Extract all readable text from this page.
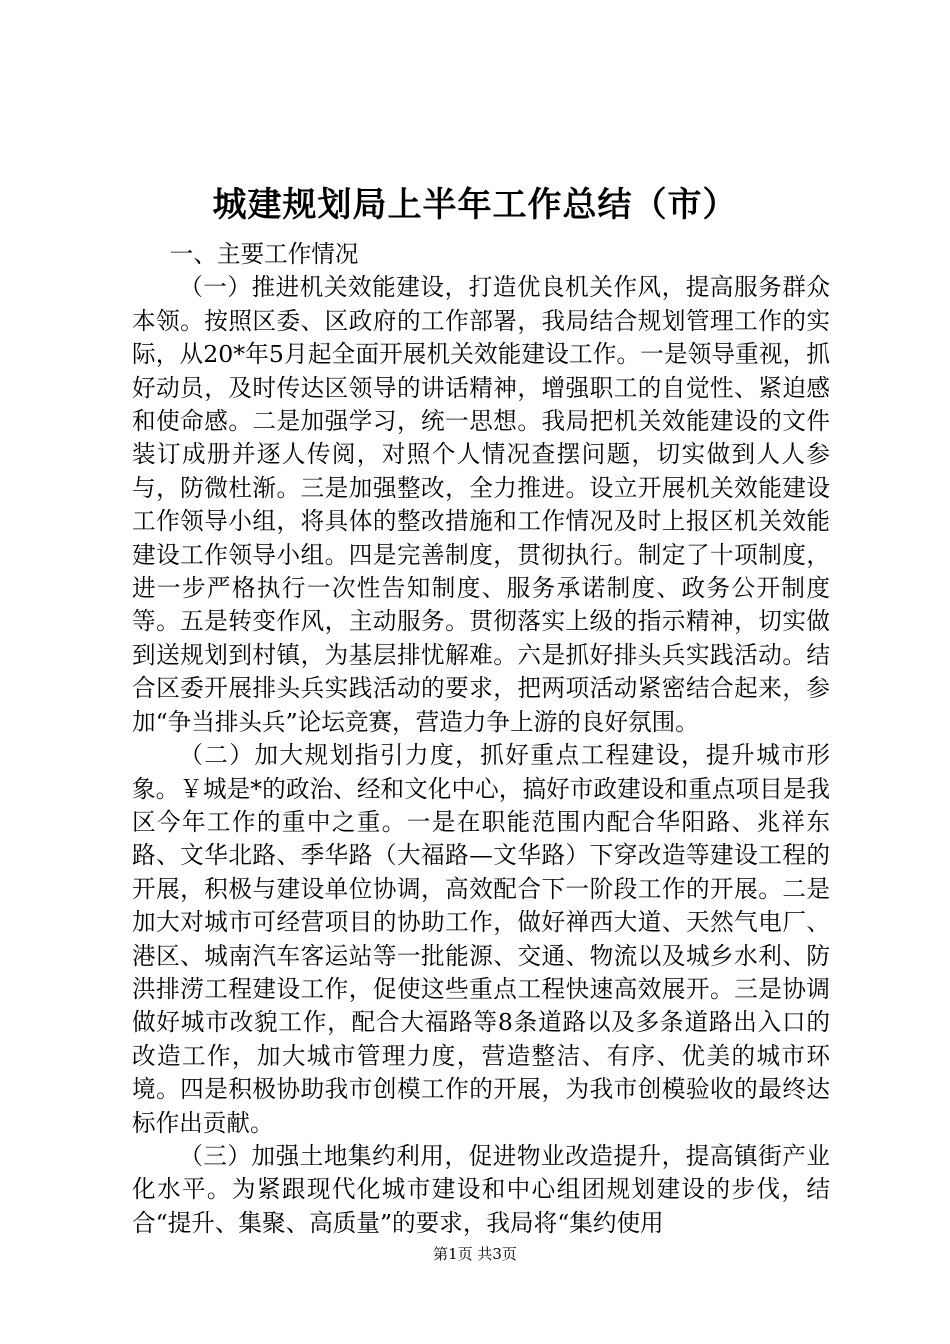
城建规划局上半年工作总结（市）

一、主要工作情况

（一）推进机关效能建设，打造优良机关作风，提高服务群众本领。按照区委、区政府的工作部署，我局结合规划管理工作的实际，从20*年5月起全面开展机关效能建设工作。一是领导重视，抓好动员，及时传达区领导的讲话精神，增强职工的自觉性、紧迫感和使命感。二是加强学习，统一思想。我局把机关效能建设的文件装订成册并逐人传阅，对照个人情况查摆问题，切实做到人人参与，防微杜渐。三是加强整改，全力推进。设立开展机关效能建设工作领导小组，将具体的整改措施和工作情况及时上报区机关效能建设工作领导小组。四是完善制度，贯彻执行。制定了十项制度，进一步严格执行一次性告知制度、服务承诺制度、政务公开制度等。五是转变作风，主动服务。贯彻落实上级的指示精神，切实做到送规划到村镇，为基层排忧解难。六是抓好排头兵实践活动。结合区委开展排头兵实践活动的要求，把两项活动紧密结合起来，参加“争当排头兵”论坛竞赛，营造力争上游的良好氛围。

（二）加大规划指引力度，抓好重点工程建设，提升城市形象。￥城是*的政治、经和文化中心，搞好市政建设和重点项目是我区今年工作的重中之重。一是在职能范围内配合华阳路、兆祥东路、文华北路、季华路（大福路—文华路）下穿改造等建设工程的开展，积极与建设单位协调，高效配合下一阶段工作的开展。二是加大对城市可经营项目的协助工作，做好禅西大道、天然气电厂、港区、城南汽车客运站等一批能源、交通、物流以及城乡水利、防洪排涝工程建设工作，促使这些重点工程快速高效展开。三是协调做好城市改貌工作，配合大福路等8条道路以及多条道路出入口的改造工作，加大城市管理力度，营造整洁、有序、优美的城市环境。四是积极协助我市创模工作的开展，为我市创模验收的最终达标作出贡献。

（三）加强土地集约利用，促进物业改造提升，提高镇街产业化水平。为紧跟现代化城市建设和中心组团规划建设的步伐，结合“提升、集聚、高质量”的要求，我局将“集约使用

第1页 共3页
